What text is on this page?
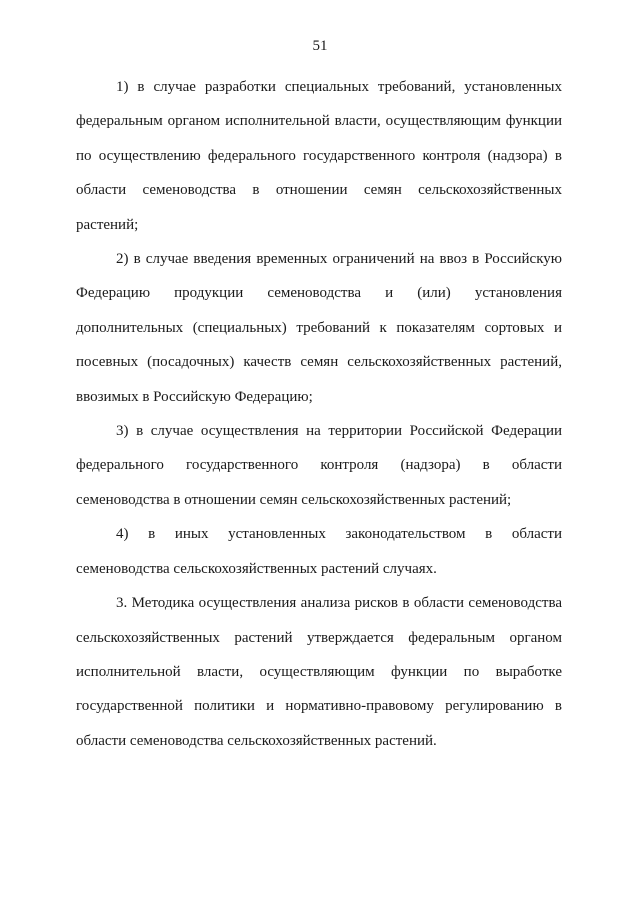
51

1) в случае разработки специальных требований, установленных федеральным органом исполнительной власти, осуществляющим функции по осуществлению федерального государственного контроля (надзора) в области семеноводства в отношении семян сельскохозяйственных растений;

2) в случае введения временных ограничений на ввоз в Российскую Федерацию продукции семеноводства и (или) установления дополнительных (специальных) требований к показателям сортовых и посевных (посадочных) качеств семян сельскохозяйственных растений, ввозимых в Российскую Федерацию;

3) в случае осуществления на территории Российской Федерации федерального государственного контроля (надзора) в области семеноводства в отношении семян сельскохозяйственных растений;

4) в иных установленных законодательством в области семеноводства сельскохозяйственных растений случаях.

3. Методика осуществления анализа рисков в области семеноводства сельскохозяйственных растений утверждается федеральным органом исполнительной власти, осуществляющим функции по выработке государственной политики и нормативно-правовому регулированию в области семеноводства сельскохозяйственных растений.
